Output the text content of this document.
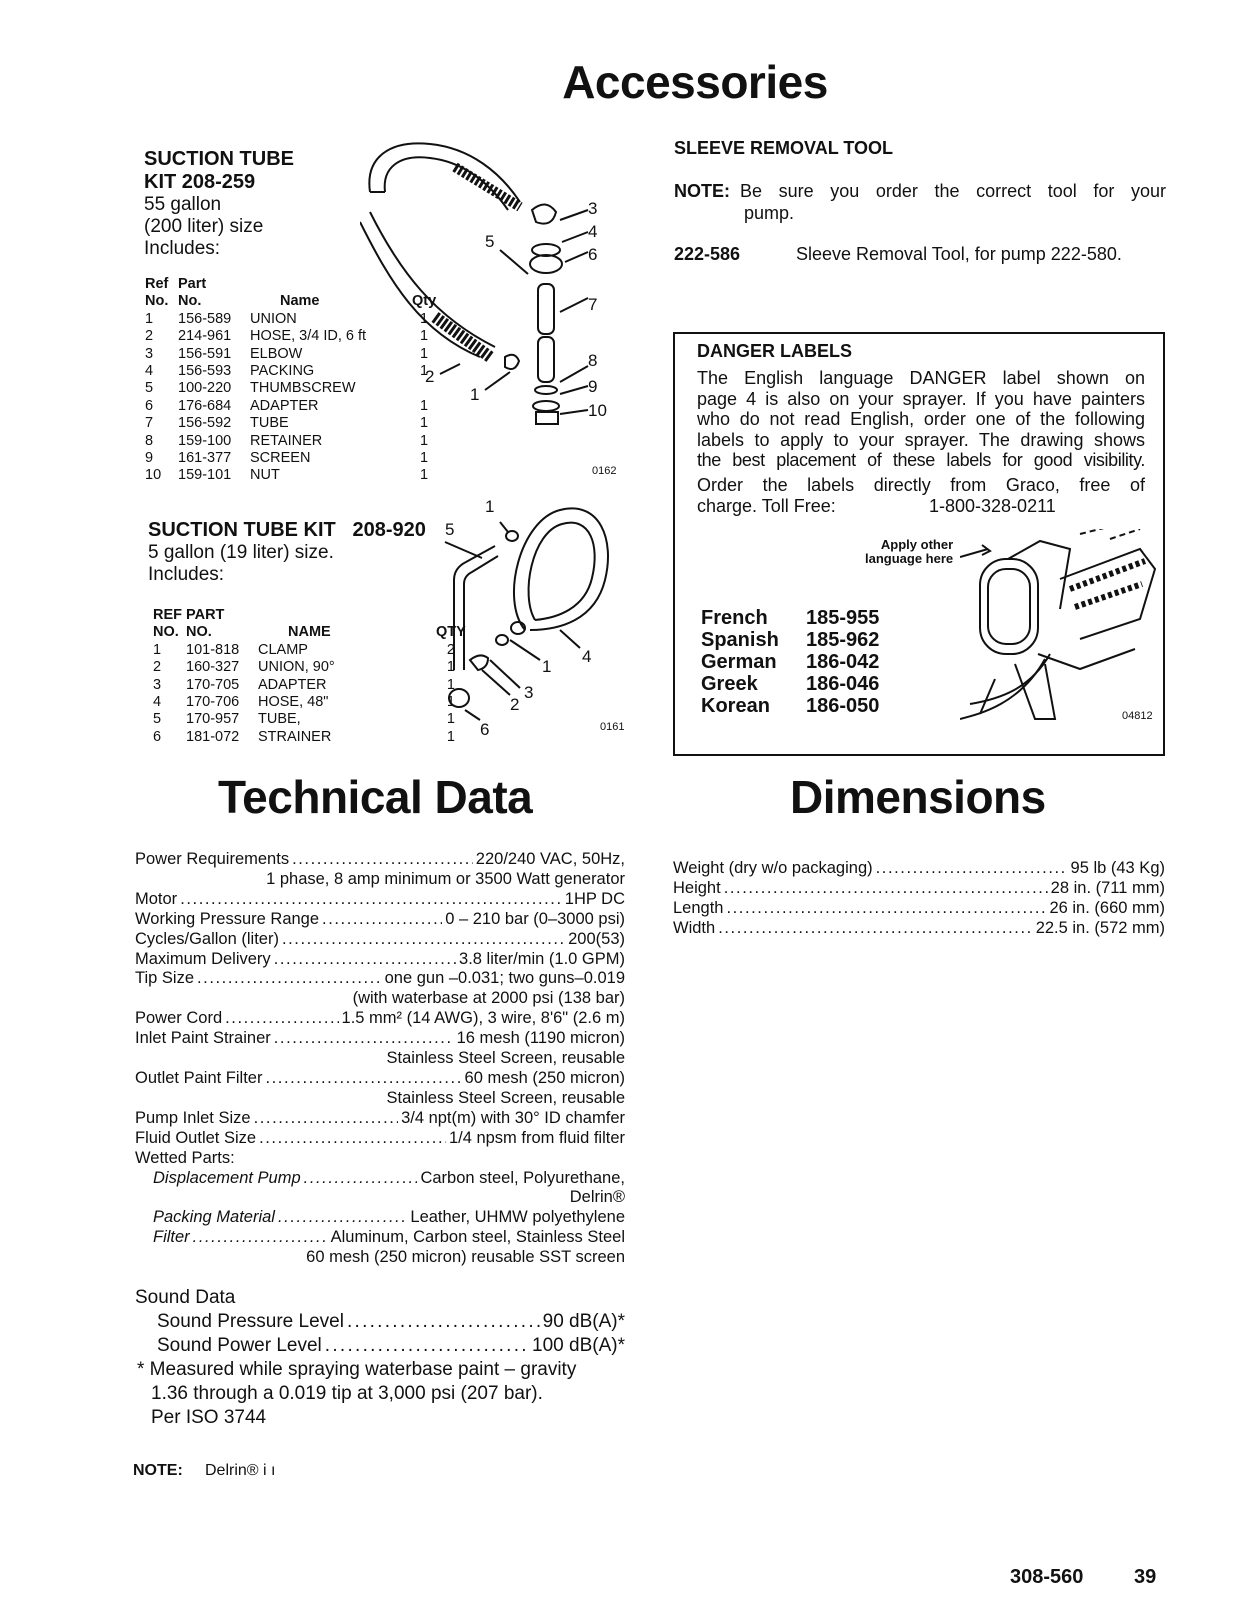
Accessories
Technical Data	Dimensions
SUCTION TUBE
KIT 208-259
55 gallon
(200 liter) size
Includes:
Ref	Part		
No.	No.	Name	Qty
1	156-589	UNION	1
2	214-961	HOSE, 3/4 ID, 6 ft	1
3	156-591	ELBOW	1
4	156-593	PACKING	1
5	100-220	THUMBSCREW	
6	176-684	ADAPTER	1
7	156-592	TUBE	1
8	159-100	RETAINER	1
9	161-377	SCREEN	1
10	159-101	NUT	1
3
4
6
5
7
8
9
10
2
1
0162
SUCTION TUBE KIT   208-920
5 gallon (19 liter) size.
Includes:
REF	PART		
NO.	NO.	NAME	QTY
1	101-818	CLAMP	2
2	160-327	UNION, 90°	1
3	170-705	ADAPTER	1
4	170-706	HOSE, 48"	1
5	170-957	TUBE,	1
6	181-072	STRAINER	1
1
5
4
1
3
2
6	0161
SLEEVE REMOVAL TOOL
NOTE: Be sure you order the correct tool for your
pump.
222-586	Sleeve Removal Tool, for pump 222-580.
DANGER LABELS
The English language DANGER label shown on
page 4 is also on your sprayer. If you have painters
who do not read English, order one of the following
labels to apply to your sprayer. The drawing shows
the best placement of these labels for good visibility.
Order the labels directly from Graco, free of
charge. Toll Free:	1-800-328-0211
Apply other
language here
French	185-955
Spanish	185-962
German	186-042
Greek	186-046
Korean	186-050	04812
Power Requirements . . .	220/240 VAC, 50Hz,
1 phase, 8 amp minimum or 3500 Watt generator
Motor . . .	1HP DC
Working Pressure Range . . .	0 – 210 bar (0–3000 psi)
Cycles/Gallon (liter) . . .	200(53)
Maximum Delivery . . .	3.8 liter/min (1.0 GPM)
Tip Size . . .	one gun –0.031; two guns–0.019
(with waterbase at 2000 psi (138 bar)
Power Cord . . .	1.5 mm² (14 AWG), 3 wire, 8'6" (2.6 m)
Inlet Paint Strainer . . .	16 mesh (1190 micron)
Stainless Steel Screen, reusable
Outlet Paint Filter . . .	60 mesh (250 micron)
Stainless Steel Screen, reusable
Pump Inlet Size . . .	3/4 npt(m) with 30° ID chamfer
Fluid Outlet Size . . .	1/4 npsm from fluid filter
Wetted Parts:
Displacement Pump . . .	Carbon steel, Polyurethane,
Delrin®
Packing Material . . .	Leather, UHMW polyethylene
Filter . . .	Aluminum, Carbon steel, Stainless Steel
60 mesh (250 micron) reusable SST screen
Sound Data
Sound Pressure Level . . .	90 dB(A)*
Sound Power Level . . .	100 dB(A)*
* Measured while spraying waterbase paint – gravity
1.36 through a 0.019 tip at 3,000 psi (207 bar).
Per ISO 3744
NOTE:	Delrin® i ı
Weight (dry w/o packaging) . . .	95 lb (43 Kg)
Height . . .	28 in. (711 mm)
Length . . .	26 in. (660 mm)
Width . . .	22.5 in. (572 mm)
308-560	39
